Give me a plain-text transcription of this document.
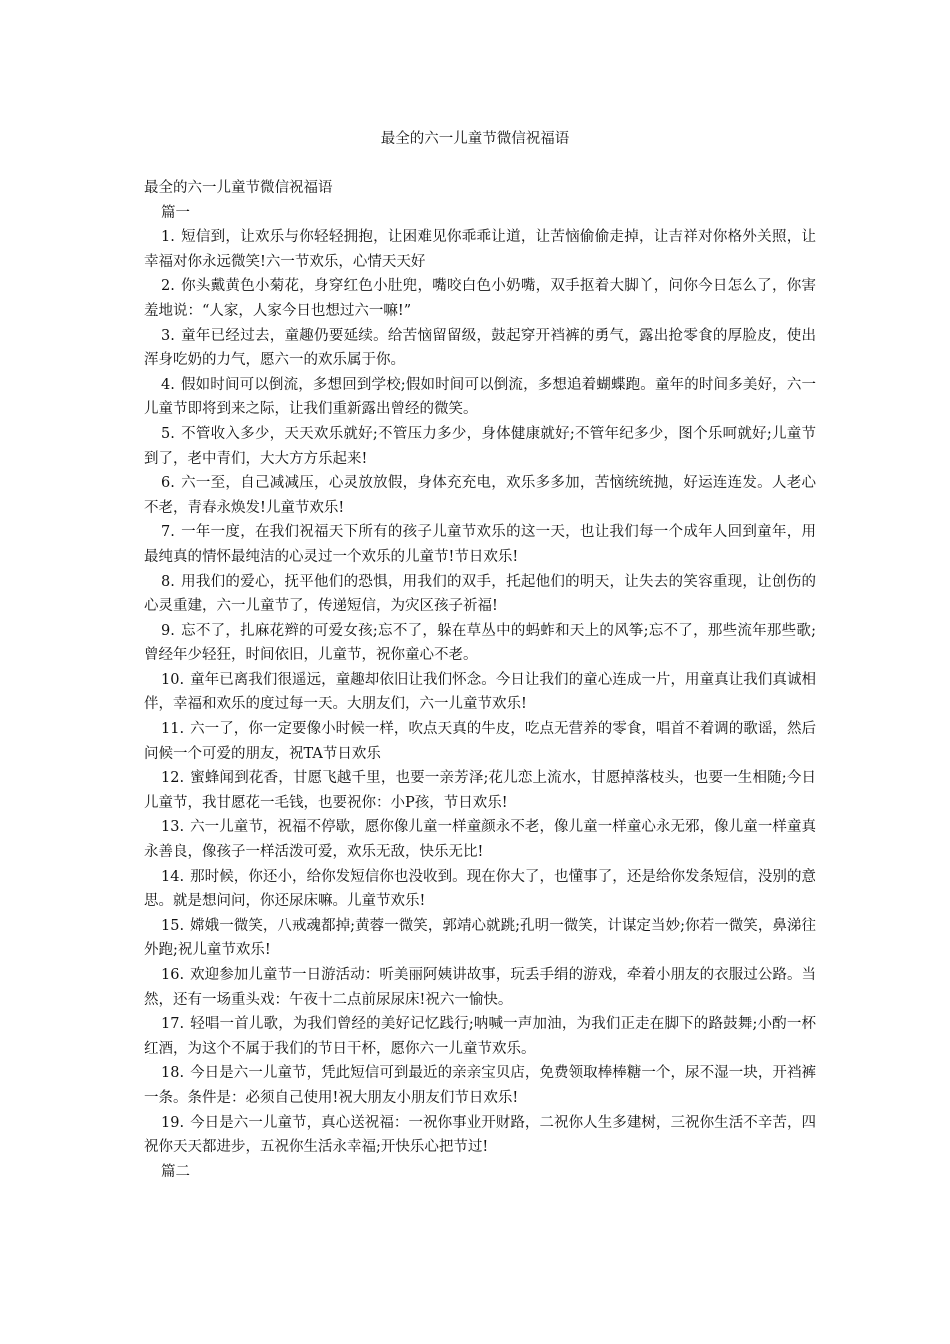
最全的六一儿童节微信祝福语

最全的六一儿童节微信祝福语

篇一

1. 短信到，让欢乐与你轻轻拥抱，让困难见你乖乖让道，让苦恼偷偷走掉，让吉祥对你格外关照，让幸福对你永远微笑!六一节欢乐，心情天天好

2. 你头戴黄色小菊花，身穿红色小肚兜，嘴咬白色小奶嘴，双手抠着大脚丫，问你今日怎么了，你害羞地说：“人家，人家今日也想过六一嘛!”

3. 童年已经过去，童趣仍要延续。给苦恼留留级，鼓起穿开裆裤的勇气，露出抢零食的厚脸皮，使出浑身吃奶的力气，愿六一的欢乐属于你。

4. 假如时间可以倒流，多想回到学校;假如时间可以倒流，多想追着蝴蝶跑。童年的时间多美好，六一儿童节即将到来之际，让我们重新露出曾经的微笑。

5. 不管收入多少，天天欢乐就好;不管压力多少，身体健康就好;不管年纪多少，图个乐呵就好;儿童节到了，老中青们，大大方方乐起来!

6. 六一至，自己减减压，心灵放放假，身体充充电，欢乐多多加，苦恼统统抛，好运连连发。人老心不老，青春永焕发!儿童节欢乐!

7. 一年一度，在我们祝福天下所有的孩子儿童节欢乐的这一天，也让我们每一个成年人回到童年，用最纯真的情怀最纯洁的心灵过一个欢乐的儿童节!节日欢乐!

8. 用我们的爱心，抚平他们的恐惧，用我们的双手，托起他们的明天，让失去的笑容重现，让创伤的心灵重建，六一儿童节了，传递短信，为灾区孩子祈福!

9. 忘不了，扎麻花辫的可爱女孩;忘不了，躲在草丛中的蚂蚱和天上的风筝;忘不了，那些流年那些歌;曾经年少轻狂，时间依旧，儿童节，祝你童心不老。

10. 童年已离我们很遥远，童趣却依旧让我们怀念。今日让我们的童心连成一片，用童真让我们真诚相伴，幸福和欢乐的度过每一天。大朋友们，六一儿童节欢乐!

11. 六一了，你一定要像小时候一样，吹点天真的牛皮，吃点无营养的零食，唱首不着调的歌谣，然后问候一个可爱的朋友，祝TA节日欢乐

12. 蜜蜂闻到花香，甘愿飞越千里，也要一亲芳泽;花儿恋上流水，甘愿掉落枝头，也要一生相随;今日儿童节，我甘愿花一毛钱，也要祝你：小P孩，节日欢乐!

13. 六一儿童节，祝福不停歇，愿你像儿童一样童颜永不老，像儿童一样童心永无邪，像儿童一样童真永善良，像孩子一样活泼可爱，欢乐无敌，快乐无比!

14. 那时候，你还小，给你发短信你也没收到。现在你大了，也懂事了，还是给你发条短信，没别的意思。就是想问问，你还尿床嘛。儿童节欢乐!

15. 嫦娥一微笑，八戒魂都掉;黄蓉一微笑，郭靖心就跳;孔明一微笑，计谋定当妙;你若一微笑，鼻涕往外跑;祝儿童节欢乐!

16. 欢迎参加儿童节一日游活动：听美丽阿姨讲故事，玩丢手绢的游戏，牵着小朋友的衣服过公路。当然，还有一场重头戏：午夜十二点前尿尿床!祝六一愉快。

17. 轻唱一首儿歌，为我们曾经的美好记忆践行;呐喊一声加油，为我们正走在脚下的路鼓舞;小酌一杯红酒，为这个不属于我们的节日干杯，愿你六一儿童节欢乐。

18. 今日是六一儿童节，凭此短信可到最近的亲亲宝贝店，免费领取棒棒糖一个，尿不湿一块，开裆裤一条。条件是：必须自己使用!祝大朋友小朋友们节日欢乐!

19. 今日是六一儿童节，真心送祝福：一祝你事业开财路，二祝你人生多建树，三祝你生活不辛苦，四祝你天天都进步，五祝你生活永幸福;开快乐心把节过!

篇二
